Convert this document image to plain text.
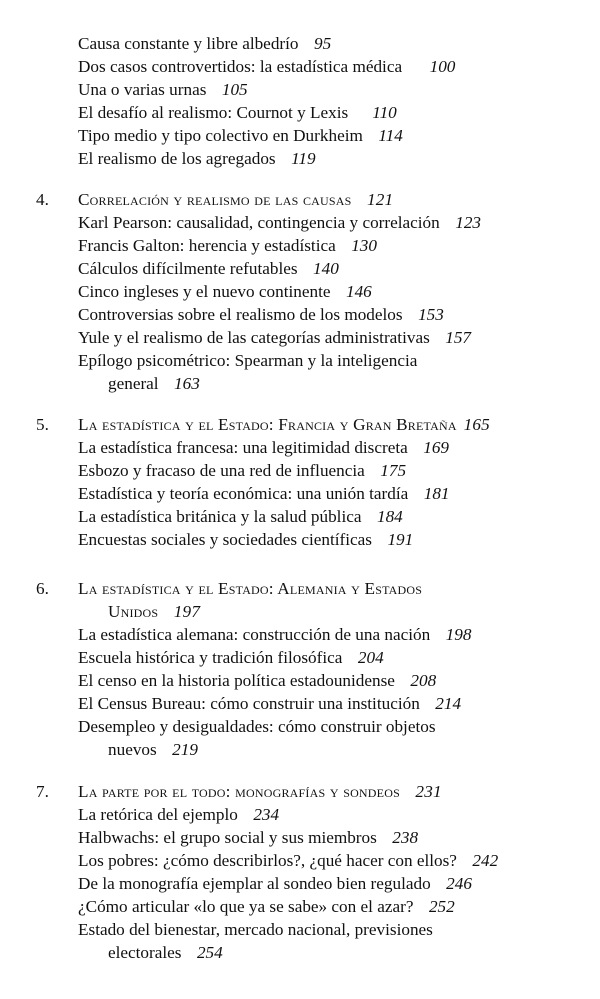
Causa constante y libre albedrío 95
Dos casos controvertidos: la estadística médica 100
Una o varias urnas 105
El desafío al realismo: Cournot y Lexis 110
Tipo medio y tipo colectivo en Durkheim 114
El realismo de los agregados 119
4. Correlación y realismo de las causas 121
Karl Pearson: causalidad, contingencia y correlación 123
Francis Galton: herencia y estadística 130
Cálculos difícilmente refutables 140
Cinco ingleses y el nuevo continente 146
Controversias sobre el realismo de los modelos 153
Yule y el realismo de las categorías administrativas 157
Epílogo psicométrico: Spearman y la inteligencia
general 163
5. La estadística y el Estado: Francia y Gran Bretaña 165
La estadística francesa: una legitimidad discreta 169
Esbozo y fracaso de una red de influencia 175
Estadística y teoría económica: una unión tardía 181
La estadística británica y la salud pública 184
Encuestas sociales y sociedades científicas 191
6. La estadística y el Estado: Alemania y Estados
Unidos 197
La estadística alemana: construcción de una nación 198
Escuela histórica y tradición filosófica 204
El censo en la historia política estadounidense 208
El Census Bureau: cómo construir una institución 214
Desempleo y desigualdades: cómo construir objetos
nuevos 219
7. La parte por el todo: monografías y sondeos 231
La retórica del ejemplo 234
Halbwachs: el grupo social y sus miembros 238
Los pobres: ¿cómo describirlos?, ¿qué hacer con ellos? 242
De la monografía ejemplar al sondeo bien regulado 246
¿Cómo articular «lo que ya se sabe» con el azar? 252
Estado del bienestar, mercado nacional, previsiones
electorales 254
